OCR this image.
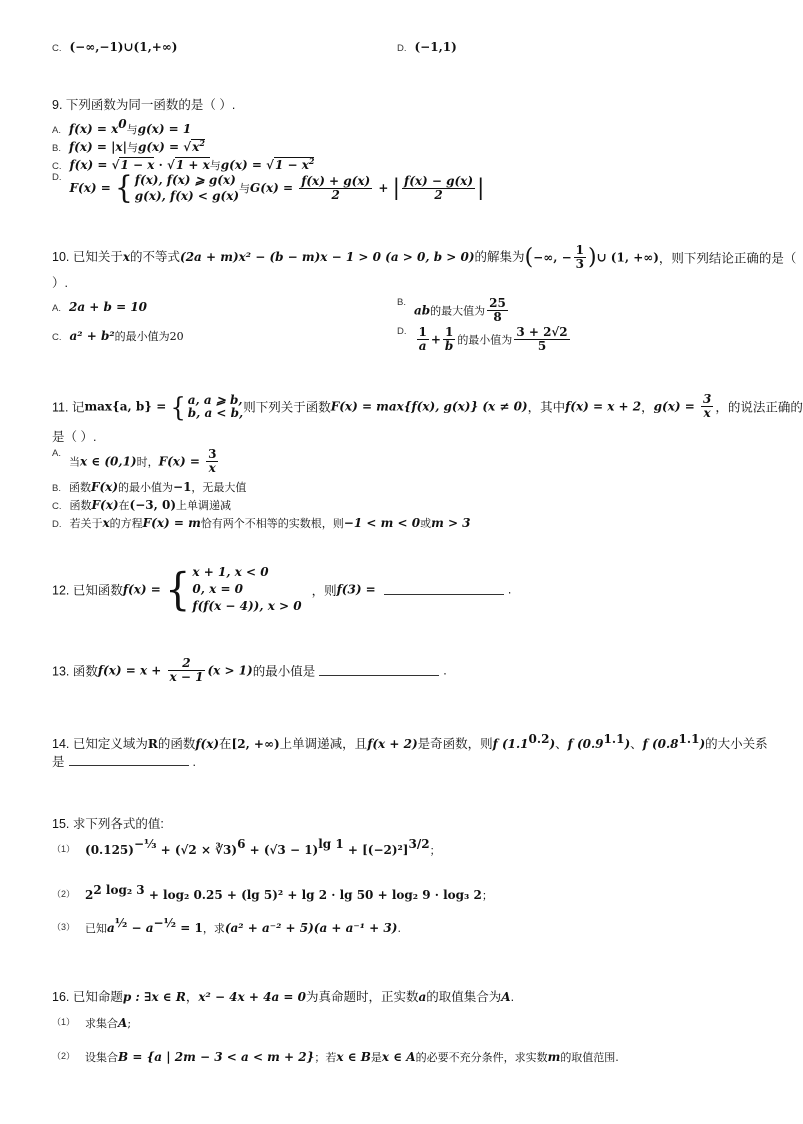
C. (−∞,−1)∪(1,+∞)	D. (−1,1)
9. 下列函数为同一函数的是（ ）.
A. $f(x) = x^0$与g(x) = 1
B. f(x) = |x|与$g(x) = √x^2$
C. f(x) = √1 − x · √1 + x与$g(x) = √1 - x^2$
$^{D.}$F(x) = { f(x), f(x) ⩾ g(x)
g(x), f(x) < g(x)
与$G(x) = \frac{f(x) + g(x)}{2}$ + | $\frac{f(x) - g(x)}{2}$ |
10. 已知关于x的不等式(2a + m)x² − (b − m)x − 1 > 0 (a > 0, b > 0)的解集为(−∞, − $\frac{1}{3}$ )∪ (1, +∞)，则下列结论正确的是（
）.
A. 2a + b = 10	$^{B.}$ab的最大值为 $\frac{25}{8}$
C. a² + b²的最小值为20	$^{D.} \frac{1}{a} + \frac{1}{b}$ 的最小值为 $\frac{3 + 2√2}{5}$
11. 记max{a, b} = { a, a ⩾ b,
b, a < b, 则下列关于函数F(x) = max{f(x), g(x)} (x ≠ 0)，其中f(x) = x + 2，$g(x) = \frac{3}{x}$ ，的说法正确的
是（ ）.
$^{A.}$当x ∈ (0,1)时，$F(x) = \frac{3}{x}$
B. 函数F(x)的最小值为−1，无最大值
C. 函数F(x)在(−3, 0)上单调递减
D. 若关于x的方程F(x) = m恰有两个不相等的实数根，则−1 < m < 0或m > 3
12. 已知函数f(x) = { x + 1, x < 0
0, x = 0
f(f(x − 4)), x > 0
，则f(3) =	.
13. 函数$f(x) = x + \frac{2}{x - 1} (x > 1)$的最小值是	.
14. 已知定义域为R的函数f(x)在[2, +∞)上单调递减，且f(x + 2)是奇函数，则f $(1.1^{0.2})$、f $(0.9^{1.1})$、f $(0.8^{1.1})$的大小关系
是	.
15. 求下列各式的值:
$^{(1)}$ $(0.125)^{-\frac{1}{3}} + (√2$ × ∛3)$^6$ + $(√3 - 1)^{lg 1} + [(-2)^2]^{3/2}$；
$^{(2)}$ $2^{2 log_2 3} + \log_2$ 0.25 + (lg 5)² + lg 2 · lg 50 + log₂ 9 · log₃ 2；
$^{(3)}$ 已知$a^{\frac{1}{2}} - a^{-\frac{1}{2}} = 1$，求(a² + a⁻² + 5)(a + a⁻¹ + 3).
16. 已知命题p : ∃x ∈ R，x² − 4x + 4a = 0为真命题时，正实数a的取值集合为A.
$^{(1)}$ 求集合A;
$^{(2)}$ 设集合B = {a | 2m − 3 < a < m + 2}；若x ∈ B是x ∈ A的必要不充分条件，求实数m的取值范围.
